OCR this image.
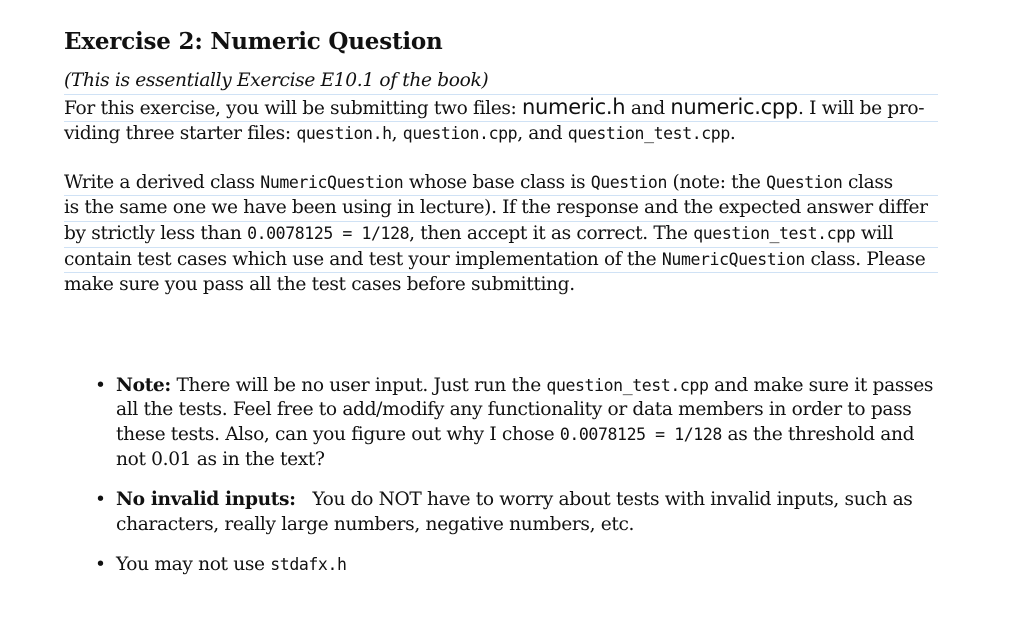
Exercise 2: Numeric Question

(This is essentially Exercise E10.1 of the book)
For this exercise, you will be submitting two files: numeric.h and numeric.cpp. I will be pro-
viding three starter files: question.h, question.cpp, and question_test.cpp.

Write a derived class NumericQuestion whose base class is Question (note: the Question class
is the same one we have been using in lecture). If the response and the expected answer differ
by strictly less than 0.0078125 = 1/128, then accept it as correct. The question_test.cpp will
contain test cases which use and test your implementation of the NumericQuestion class. Please
make sure you pass all the test cases before submitting.

• Note: There will be no user input. Just run the question_test.cpp and make sure it passes
all the tests. Feel free to add/modify any functionality or data members in order to pass
these tests. Also, can you figure out why I chose 0.0078125 = 1/128 as the threshold and
not 0.01 as in the text?
• No invalid inputs:   You do NOT have to worry about tests with invalid inputs, such as
characters, really large numbers, negative numbers, etc.
• You may not use stdafx.h
